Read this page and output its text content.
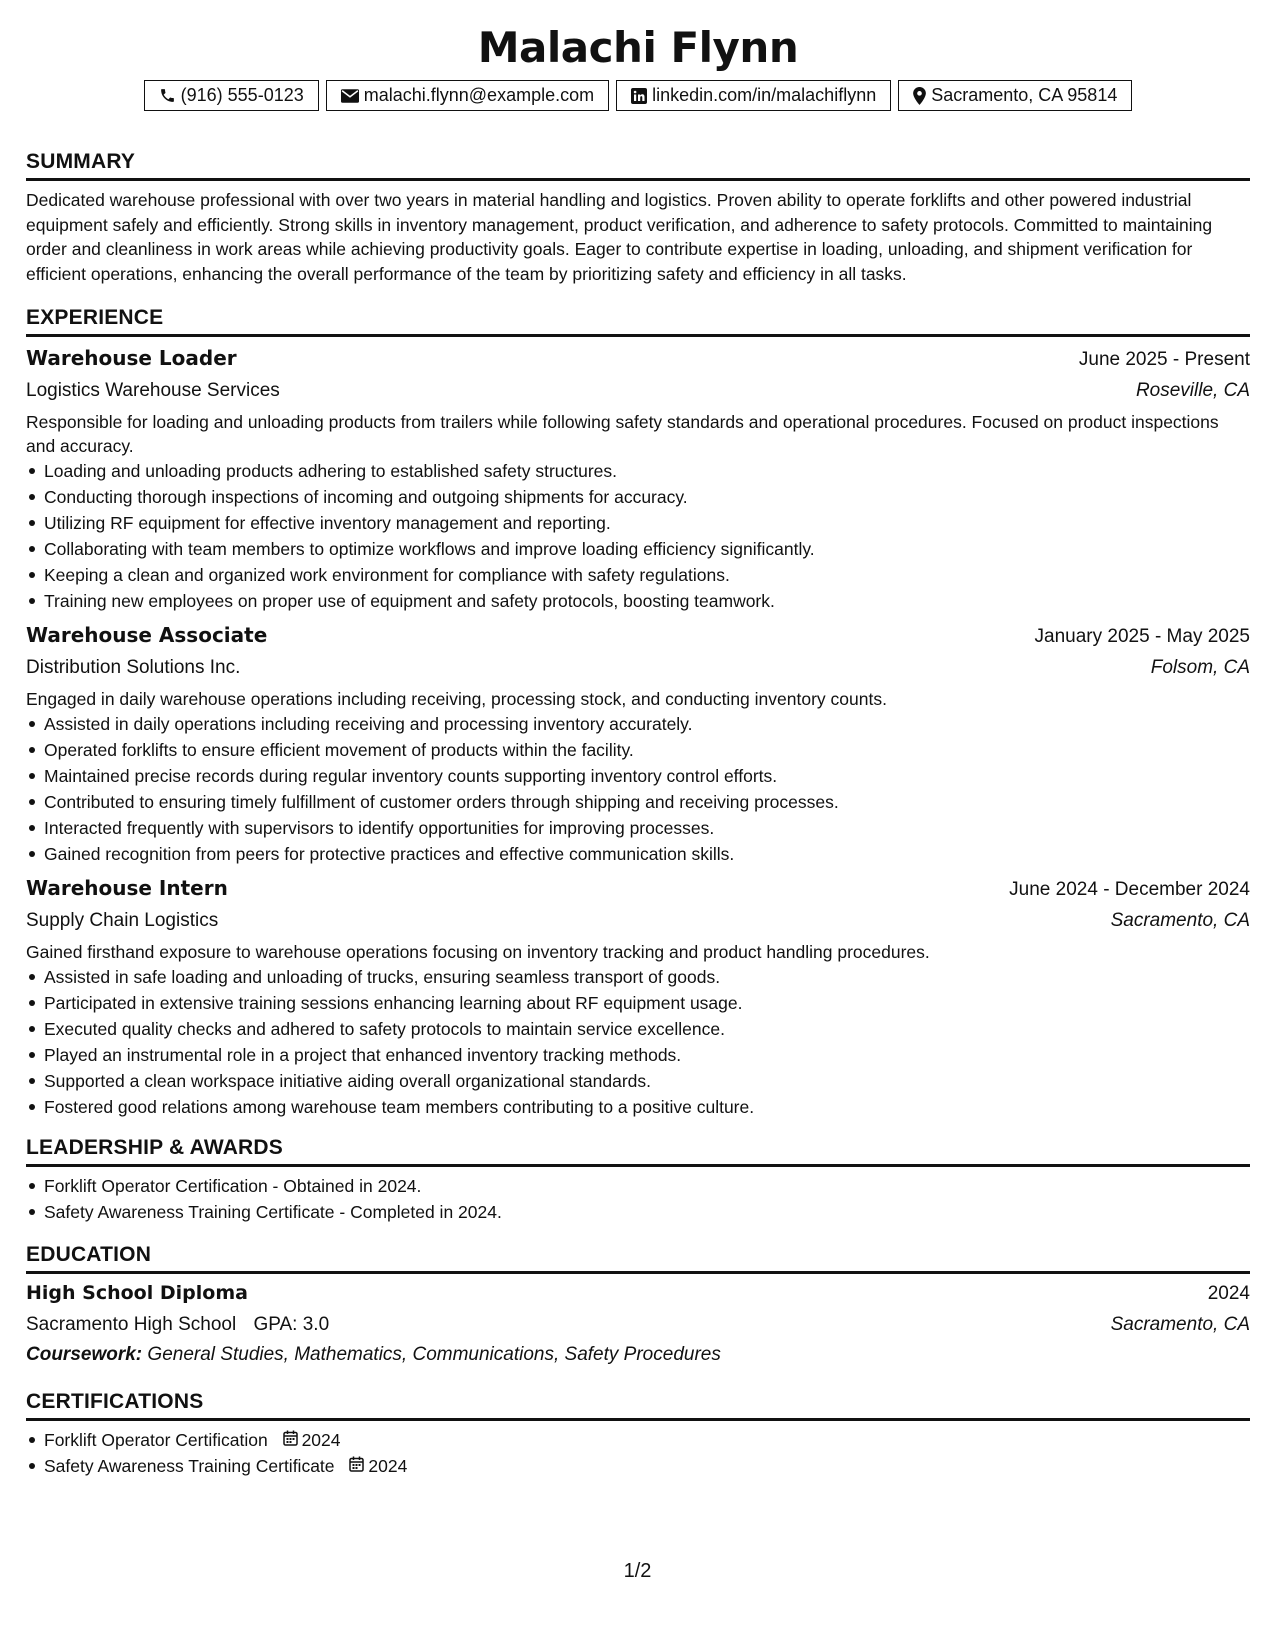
Malachi Flynn
(916) 555-0123	malachi.flynn@example.com	linkedin.com/in/malachiflynn	Sacramento, CA 95814
SUMMARY
Dedicated warehouse professional with over two years in material handling and logistics. Proven ability to operate forklifts and other powered industrial equipment safely and efficiently. Strong skills in inventory management, product verification, and adherence to safety protocols. Committed to maintaining order and cleanliness in work areas while achieving productivity goals. Eager to contribute expertise in loading, unloading, and shipment verification for efficient operations, enhancing the overall performance of the team by prioritizing safety and efficiency in all tasks.
EXPERIENCE
Warehouse Loader	June 2025 - Present
Logistics Warehouse Services	Roseville, CA
Responsible for loading and unloading products from trailers while following safety standards and operational procedures. Focused on product inspections and accuracy.
Loading and unloading products adhering to established safety structures.
Conducting thorough inspections of incoming and outgoing shipments for accuracy.
Utilizing RF equipment for effective inventory management and reporting.
Collaborating with team members to optimize workflows and improve loading efficiency significantly.
Keeping a clean and organized work environment for compliance with safety regulations.
Training new employees on proper use of equipment and safety protocols, boosting teamwork.
Warehouse Associate	January 2025 - May 2025
Distribution Solutions Inc.	Folsom, CA
Engaged in daily warehouse operations including receiving, processing stock, and conducting inventory counts.
Assisted in daily operations including receiving and processing inventory accurately.
Operated forklifts to ensure efficient movement of products within the facility.
Maintained precise records during regular inventory counts supporting inventory control efforts.
Contributed to ensuring timely fulfillment of customer orders through shipping and receiving processes.
Interacted frequently with supervisors to identify opportunities for improving processes.
Gained recognition from peers for protective practices and effective communication skills.
Warehouse Intern	June 2024 - December 2024
Supply Chain Logistics	Sacramento, CA
Gained firsthand exposure to warehouse operations focusing on inventory tracking and product handling procedures.
Assisted in safe loading and unloading of trucks, ensuring seamless transport of goods.
Participated in extensive training sessions enhancing learning about RF equipment usage.
Executed quality checks and adhered to safety protocols to maintain service excellence.
Played an instrumental role in a project that enhanced inventory tracking methods.
Supported a clean workspace initiative aiding overall organizational standards.
Fostered good relations among warehouse team members contributing to a positive culture.
LEADERSHIP & AWARDS
Forklift Operator Certification - Obtained in 2024.
Safety Awareness Training Certificate - Completed in 2024.
EDUCATION
High School Diploma	2024
Sacramento High School GPA: 3.0	Sacramento, CA
Coursework: General Studies, Mathematics, Communications, Safety Procedures
CERTIFICATIONS
Forklift Operator Certification 2024
Safety Awareness Training Certificate 2024
1/2
